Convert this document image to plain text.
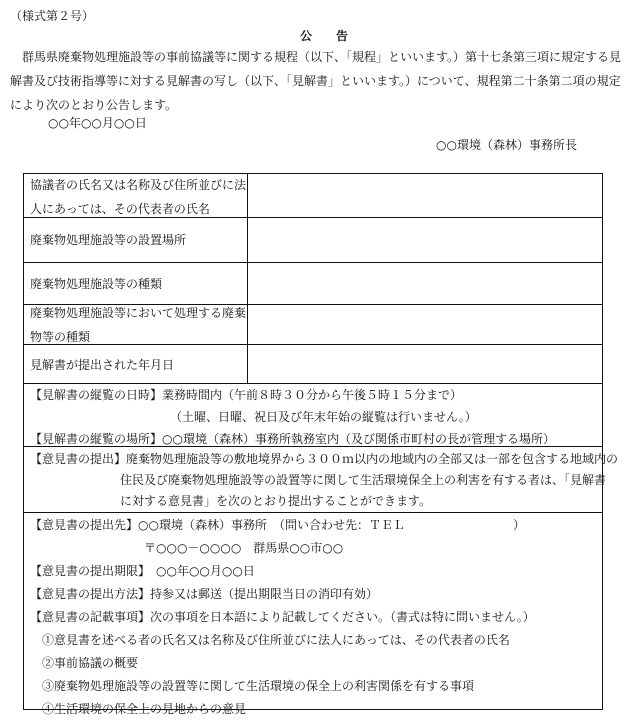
（様式第２号）
公　　告
　群馬県廃棄物処理施設等の事前協議等に関する規程（以下、「規程」といいます。）第十七条第三項に規定する見
解書及び技術指導等に対する見解書の写し（以下、「見解書」といいます。）について、規程第二十条第二項の規定
により次のとおり公告します。
○○年○○月○○日
○○環境（森林）事務所長
協議者の氏名又は名称及び住所並びに法
人にあっては、その代表者の氏名
廃棄物処理施設等の設置場所
廃棄物処理施設等の種類
廃棄物処理施設等において処理する廃棄
物等の種類
見解書が提出された年月日
【見解書の縦覧の日時】業務時間内（午前８時３０分から午後５時１５分まで）
（土曜、日曜、祝日及び年末年始の縦覧は行いません。）
【見解書の縦覧の場所】○○環境（森林）事務所執務室内（及び関係市町村の長が管理する場所）
【意見書の提出】廃棄物処理施設等の敷地境界から３００ｍ以内の地域内の全部又は一部を包含する地域内の
住民及び廃棄物処理施設等の設置等に関して生活環境保全上の利害を有する者は、「見解書
に対する意見書」を次のとおり提出することができます。
【意見書の提出先】○○環境（森林）事務所　（問い合わせ先：ＴＥＬ　　　　　　　　　）
〒○○○－○○○○　群馬県○○市○○
【意見書の提出期限】　○○年○○月○○日
【意見書の提出方法】持参又は郵送（提出期限当日の消印有効）
【意見書の記載事項】次の事項を日本語により記載してください。（書式は特に問いません。）
①意見書を述べる者の氏名又は名称及び住所並びに法人にあっては、その代表者の氏名
②事前協議の概要
③廃棄物処理施設等の設置等に関して生活環境の保全上の利害関係を有する事項
④生活環境の保全上の見地からの意見
